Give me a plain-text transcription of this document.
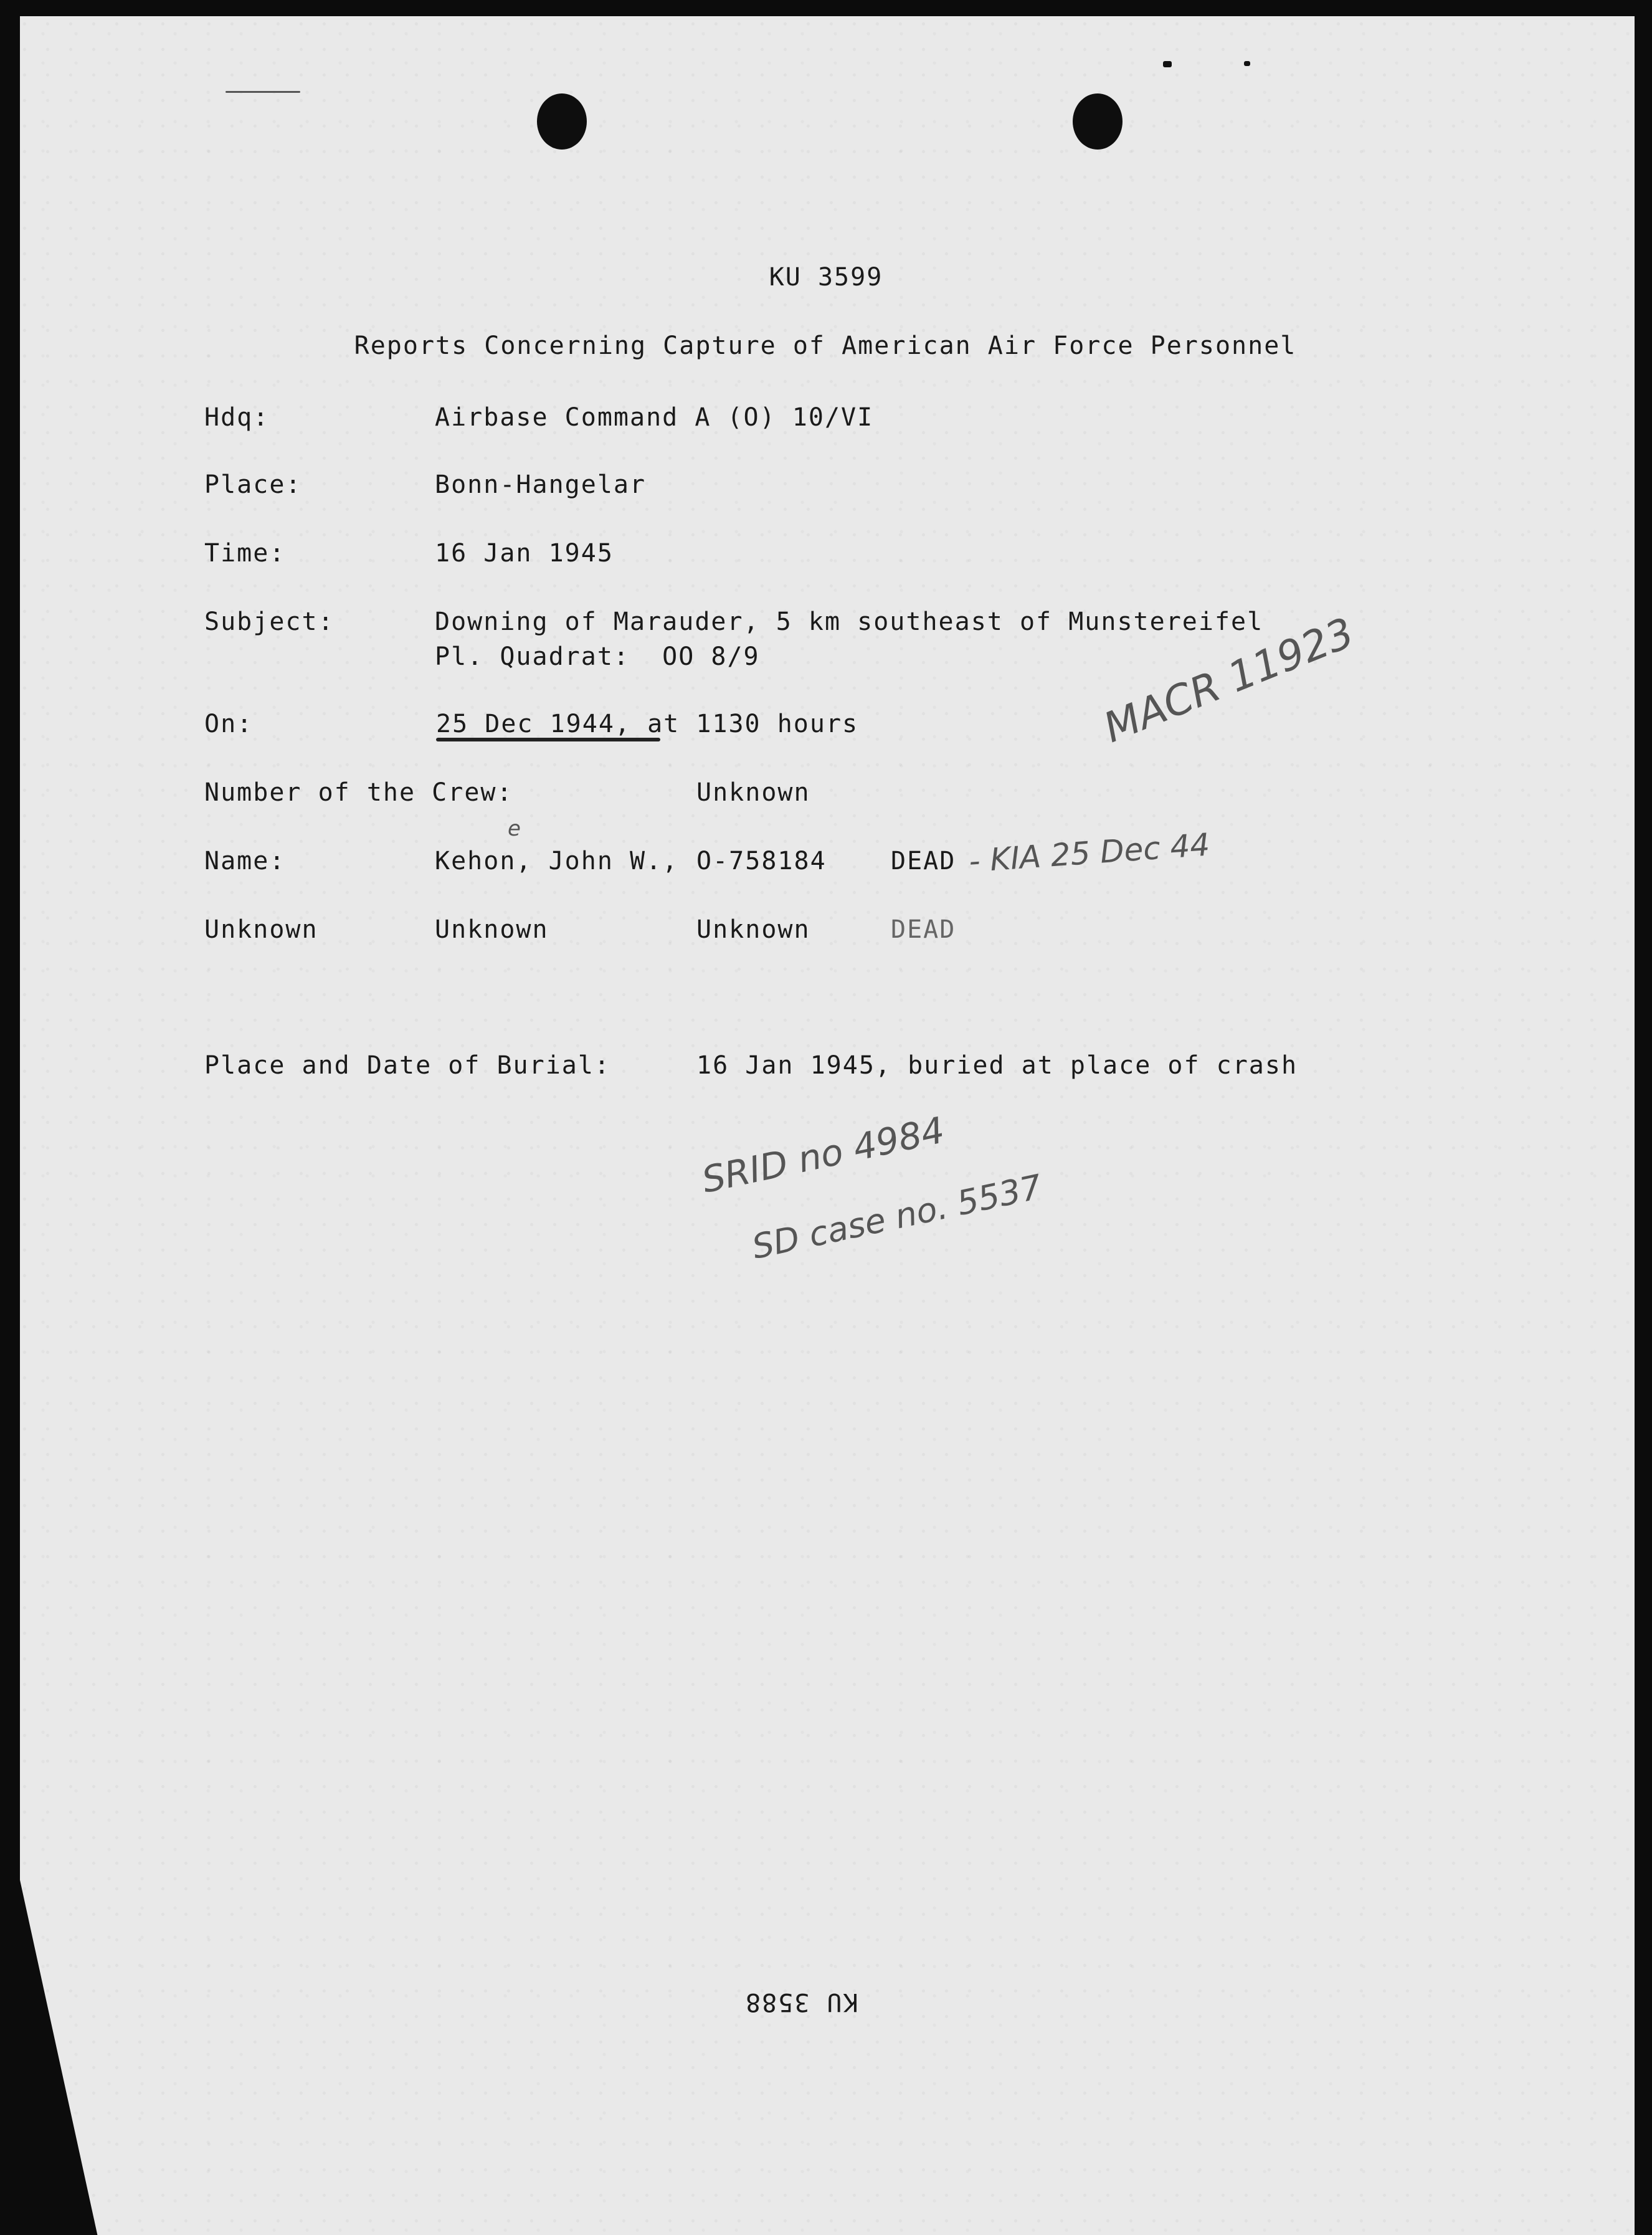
KU 3599
Reports Concerning Capture of American Air Force Personnel
Hdq:	Airbase Command A (O) 10/VI
Place:	Bonn-Hangelar
Time:	16 Jan 1945
Subject:	Downing of Marauder, 5 km southeast of Munstereifel
Pl. Quadrat:  OO 8/9
On:	25 Dec 1944, at 1130 hours
Number of the Crew:	Unknown
Name:	Kehon, John W., O-758184	DEAD
Unknown	Unknown	Unknown	DEAD
Place and Date of Burial:	16 Jan 1945, buried at place of crash
e	- KIA 25 Dec 44
MACR 11923
SRID no 4984
SD case no. 5537
KU 3588
